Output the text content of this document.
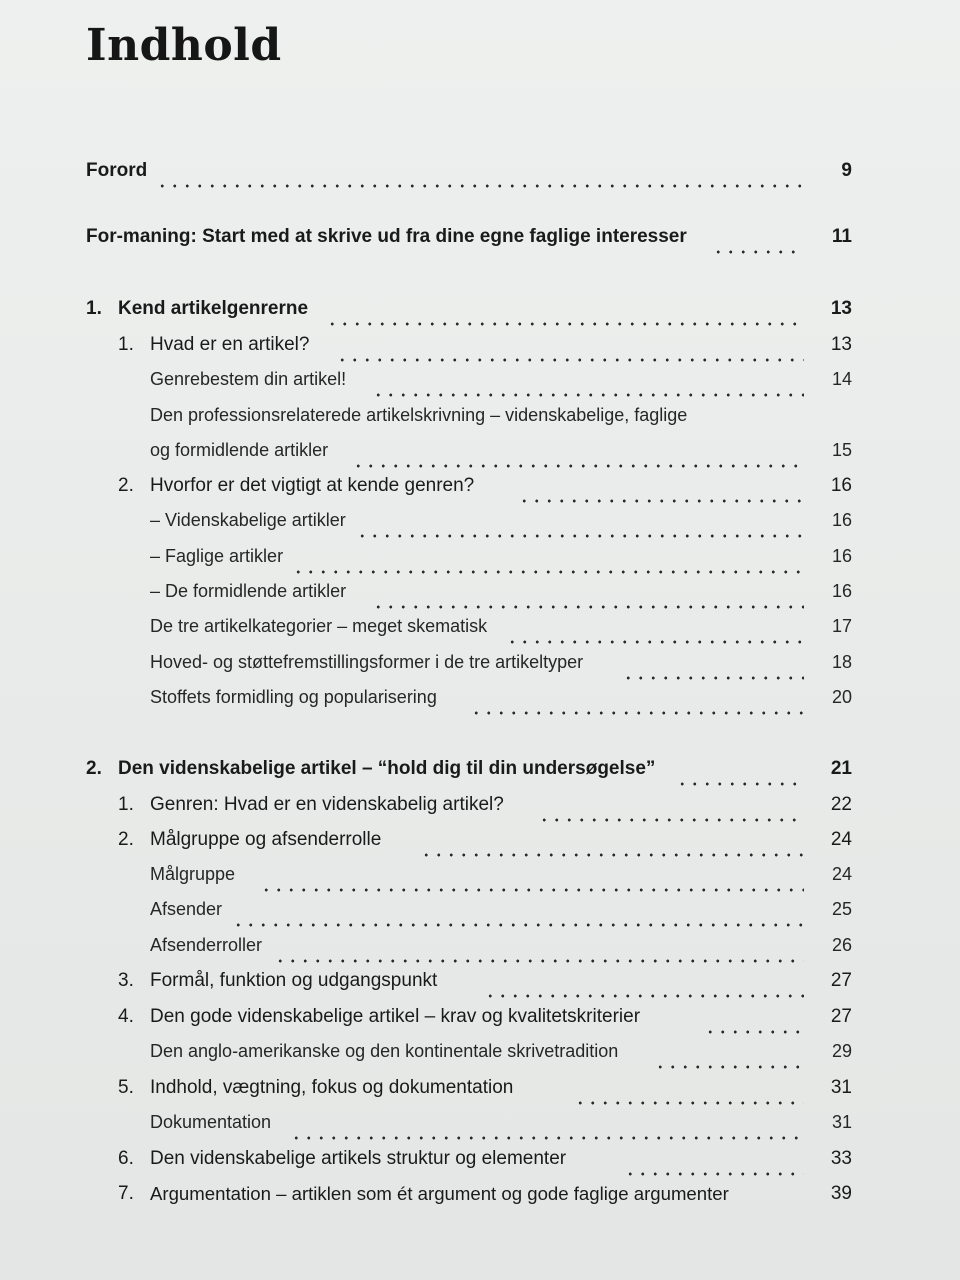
Indhold
Forord	9
For-maning: Start med at skrive ud fra dine egne faglige interesser	11
1. Kend artikelgenrerne	13
1. Hvad er en artikel?	13
Genrebestem din artikel!	14
Den professionsrelaterede artikelskrivning – videnskabelige, faglige
og formidlende artikler	15
2. Hvorfor er det vigtigt at kende genren?	16
– Videnskabelige artikler	16
– Faglige artikler	16
– De formidlende artikler	16
De tre artikelkategorier – meget skematisk	17
Hoved- og støttefremstillingsformer i de tre artikeltyper	18
Stoffets formidling og popularisering	20
2. Den videnskabelige artikel – “hold dig til din undersøgelse”	21
1. Genren: Hvad er en videnskabelig artikel?	22
2. Målgruppe og afsenderrolle	24
Målgruppe	24
Afsender	25
Afsenderroller	26
3. Formål, funktion og udgangspunkt	27
4. Den gode videnskabelige artikel – krav og kvalitetskriterier	27
Den anglo-amerikanske og den kontinentale skrivetradition	29
5. Indhold, vægtning, fokus og dokumentation	31
Dokumentation	31
6. Den videnskabelige artikels struktur og elementer	33
7. Argumentation – artiklen som ét argument og gode faglige argumenter	39
